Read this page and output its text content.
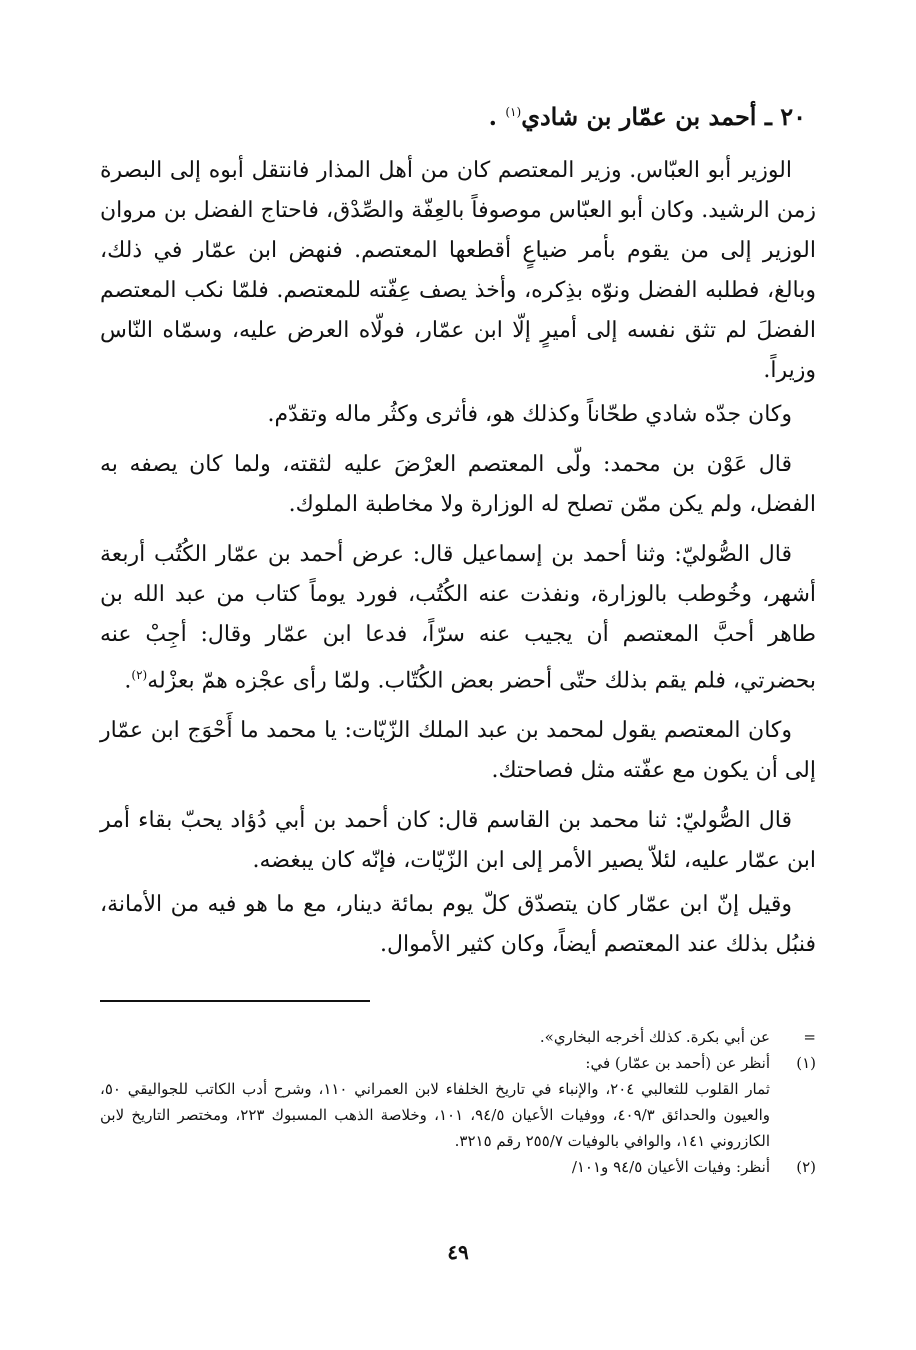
٢٠ ـ أحمد بن عمّار بن شادي$^{(١)}$ .

الوزير أبو العبّاس. وزير المعتصم كان من أهل المذار فانتقل أبوه إلى البصرة زمن الرشيد. وكان أبو العبّاس موصوفاً بالعِفّة والصِّدْق، فاحتاج الفضل بن مروان الوزير إلى من يقوم بأمر ضياعٍ أقطعها المعتصم. فنهض ابن عمّار في ذلك، وبالغ، فطلبه الفضل ونوّه بذِكره، وأخذ يصف عِفّته للمعتصم. فلمّا نكب المعتصم الفضلَ لم تثق نفسه إلى أميرٍ إلّا ابن عمّار، فولّاه العرض عليه، وسمّاه النّاس وزيراً.

وكان جدّه شادي طحّاناً وكذلك هو، فأثرى وكثُر ماله وتقدّم.

قال عَوْن بن محمد: ولّى المعتصم العرْضَ عليه لثقته، ولما كان يصفه به الفضل، ولم يكن ممّن تصلح له الوزارة ولا مخاطبة الملوك.

قال الصُّوليّ: وثنا أحمد بن إسماعيل قال: عرض أحمد بن عمّار الكُتُب أربعة أشهر، وخُوطب بالوزارة، ونفذت عنه الكُتُب، فورد يوماً كتاب من عبد الله بن طاهر أحبَّ المعتصم أن يجيب عنه سرّاً، فدعا ابن عمّار وقال: أجِبْ عنه بحضرتي، فلم يقم بذلك حتّى أحضر بعض الكُتّاب. ولمّا رأى عجْزه همّ بعزْله$^{(٢)}$.

وكان المعتصم يقول لمحمد بن عبد الملك الزّيّات: يا محمد ما أَحْوَج ابن عمّار إلى أن يكون مع عفّته مثل فصاحتك.

قال الصُّوليّ: ثنا محمد بن القاسم قال: كان أحمد بن أبي دُؤاد يحبّ بقاء أمر ابن عمّار عليه، لئلاّ يصير الأمر إلى ابن الزّيّات، فإنّه كان يبغضه.

وقيل إنّ ابن عمّار كان يتصدّق كلّ يوم بمائة دينار، مع ما هو فيه من الأمانة، فنبُل بذلك عند المعتصم أيضاً، وكان كثير الأموال.

=
عن أبي بكرة. كذلك أخرجه البخاري».
(١)
أنظر عن (أحمد بن عمّار) في:
ثمار القلوب للثعالبي ٢٠٤، والإنباء في تاريخ الخلفاء لابن العمراني ١١٠، وشرح أدب الكاتب للجواليقي ٥٠، والعيون والحدائق ٤٠٩/٣، ووفيات الأعيان ٩٤/٥، ١٠١، وخلاصة الذهب المسبوك ٢٢٣، ومختصر التاريخ لابن الكازروني ١٤١، والوافي بالوفيات ٢٥٥/٧ رقم ٣٢١٥.
(٢)
أنظر: وفيات الأعيان ٩٤/٥ و١٠١/
٤٩
